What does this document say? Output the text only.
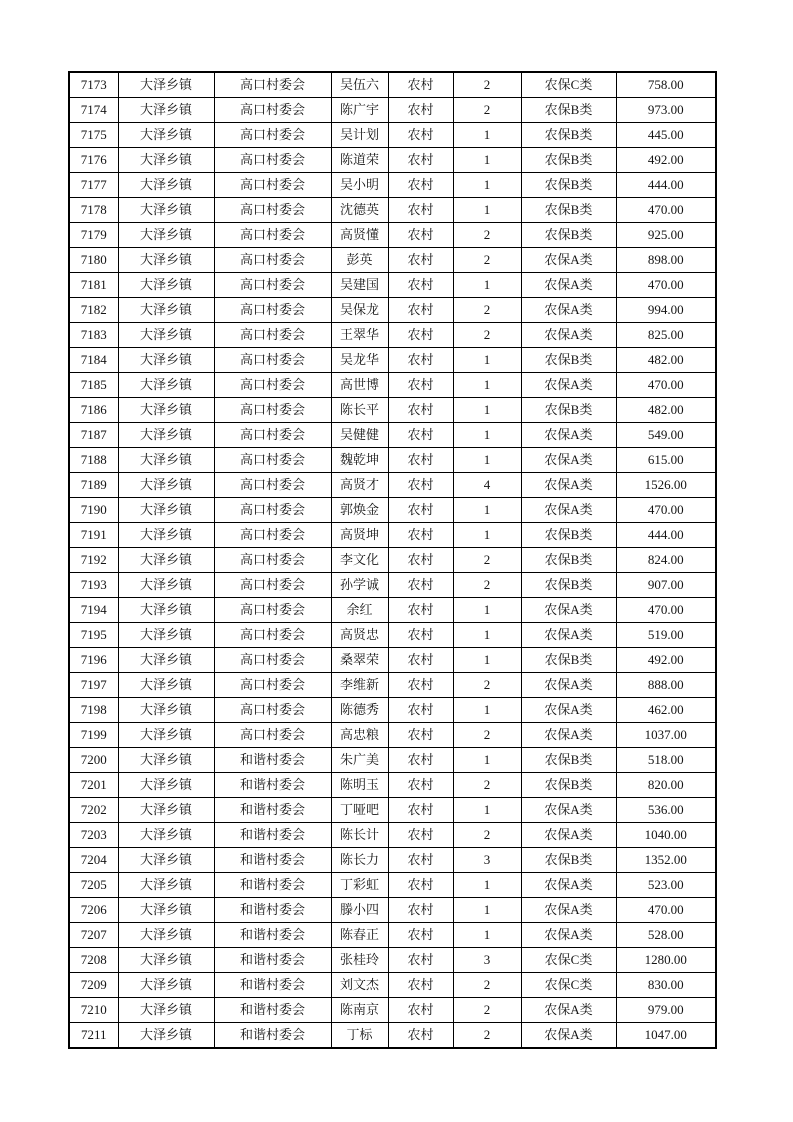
7173	大泽乡镇	高口村委会	吴伍六	农村	2	农保C类	758.00
7174	大泽乡镇	高口村委会	陈广宇	农村	2	农保B类	973.00
7175	大泽乡镇	高口村委会	吴计划	农村	1	农保B类	445.00
7176	大泽乡镇	高口村委会	陈道荣	农村	1	农保B类	492.00
7177	大泽乡镇	高口村委会	吴小明	农村	1	农保B类	444.00
7178	大泽乡镇	高口村委会	沈德英	农村	1	农保B类	470.00
7179	大泽乡镇	高口村委会	高贤懂	农村	2	农保B类	925.00
7180	大泽乡镇	高口村委会	彭英	农村	2	农保A类	898.00
7181	大泽乡镇	高口村委会	吴建国	农村	1	农保A类	470.00
7182	大泽乡镇	高口村委会	吴保龙	农村	2	农保A类	994.00
7183	大泽乡镇	高口村委会	王翠华	农村	2	农保A类	825.00
7184	大泽乡镇	高口村委会	吴龙华	农村	1	农保B类	482.00
7185	大泽乡镇	高口村委会	高世博	农村	1	农保A类	470.00
7186	大泽乡镇	高口村委会	陈长平	农村	1	农保B类	482.00
7187	大泽乡镇	高口村委会	吴健健	农村	1	农保A类	549.00
7188	大泽乡镇	高口村委会	魏乾坤	农村	1	农保A类	615.00
7189	大泽乡镇	高口村委会	高贤才	农村	4	农保A类	1526.00
7190	大泽乡镇	高口村委会	郭焕金	农村	1	农保A类	470.00
7191	大泽乡镇	高口村委会	高贤坤	农村	1	农保B类	444.00
7192	大泽乡镇	高口村委会	李文化	农村	2	农保B类	824.00
7193	大泽乡镇	高口村委会	孙学诚	农村	2	农保B类	907.00
7194	大泽乡镇	高口村委会	余红	农村	1	农保A类	470.00
7195	大泽乡镇	高口村委会	高贤忠	农村	1	农保A类	519.00
7196	大泽乡镇	高口村委会	桑翠荣	农村	1	农保B类	492.00
7197	大泽乡镇	高口村委会	李维新	农村	2	农保A类	888.00
7198	大泽乡镇	高口村委会	陈德秀	农村	1	农保A类	462.00
7199	大泽乡镇	高口村委会	高忠粮	农村	2	农保A类	1037.00
7200	大泽乡镇	和谐村委会	朱广美	农村	1	农保B类	518.00
7201	大泽乡镇	和谐村委会	陈明玉	农村	2	农保B类	820.00
7202	大泽乡镇	和谐村委会	丁哑吧	农村	1	农保A类	536.00
7203	大泽乡镇	和谐村委会	陈长计	农村	2	农保A类	1040.00
7204	大泽乡镇	和谐村委会	陈长力	农村	3	农保B类	1352.00
7205	大泽乡镇	和谐村委会	丁彩虹	农村	1	农保A类	523.00
7206	大泽乡镇	和谐村委会	滕小四	农村	1	农保A类	470.00
7207	大泽乡镇	和谐村委会	陈春正	农村	1	农保A类	528.00
7208	大泽乡镇	和谐村委会	张桂玲	农村	3	农保C类	1280.00
7209	大泽乡镇	和谐村委会	刘文杰	农村	2	农保C类	830.00
7210	大泽乡镇	和谐村委会	陈南京	农村	2	农保A类	979.00
7211	大泽乡镇	和谐村委会	丁标	农村	2	农保A类	1047.00
